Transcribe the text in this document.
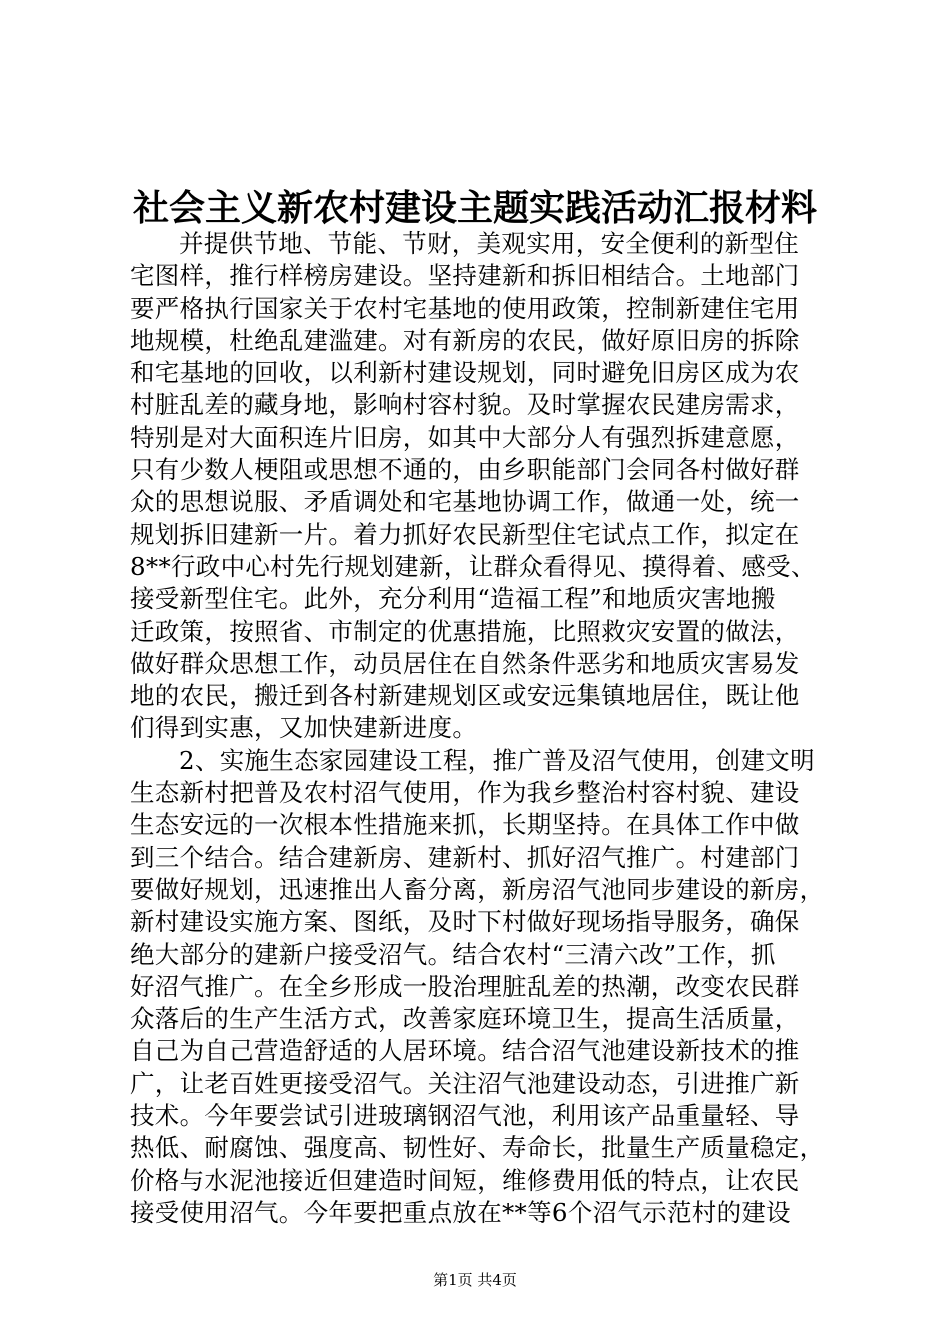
社会主义新农村建设主题实践活动汇报材料
并提供节地、节能、节财，美观实用，安全便利的新型住
宅图样，推行样榜房建设。坚持建新和拆旧相结合。土地部门
要严格执行国家关于农村宅基地的使用政策，控制新建住宅用
地规模，杜绝乱建滥建。对有新房的农民，做好原旧房的拆除
和宅基地的回收，以利新村建设规划，同时避免旧房区成为农
村脏乱差的藏身地，影响村容村貌。及时掌握农民建房需求，
特别是对大面积连片旧房，如其中大部分人有强烈拆建意愿，
只有少数人梗阻或思想不通的，由乡职能部门会同各村做好群
众的思想说服、矛盾调处和宅基地协调工作，做通一处，统一
规划拆旧建新一片。着力抓好农民新型住宅试点工作，拟定在
8**行政中心村先行规划建新，让群众看得见、摸得着、感受、
接受新型住宅。此外，充分利用“造福工程”和地质灾害地搬
迁政策，按照省、市制定的优惠措施，比照救灾安置的做法，
做好群众思想工作，动员居住在自然条件恶劣和地质灾害易发
地的农民，搬迁到各村新建规划区或安远集镇地居住，既让他
们得到实惠，又加快建新进度。
2、实施生态家园建设工程，推广普及沼气使用，创建文明
生态新村把普及农村沼气使用，作为我乡整治村容村貌、建设
生态安远的一次根本性措施来抓，长期坚持。在具体工作中做
到三个结合。结合建新房、建新村、抓好沼气推广。村建部门
要做好规划，迅速推出人畜分离，新房沼气池同步建设的新房，
新村建设实施方案、图纸，及时下村做好现场指导服务，确保
绝大部分的建新户接受沼气。结合农村“三清六改”工作，抓
好沼气推广。在全乡形成一股治理脏乱差的热潮，改变农民群
众落后的生产生活方式，改善家庭环境卫生，提高生活质量，
自己为自己营造舒适的人居环境。结合沼气池建设新技术的推
广，让老百姓更接受沼气。关注沼气池建设动态，引进推广新
技术。今年要尝试引进玻璃钢沼气池，利用该产品重量轻、导
热低、耐腐蚀、强度高、韧性好、寿命长，批量生产质量稳定，
价格与水泥池接近但建造时间短，维修费用低的特点，让农民
接受使用沼气。今年要把重点放在**等6个沼气示范村的建设
第1页 共4页
